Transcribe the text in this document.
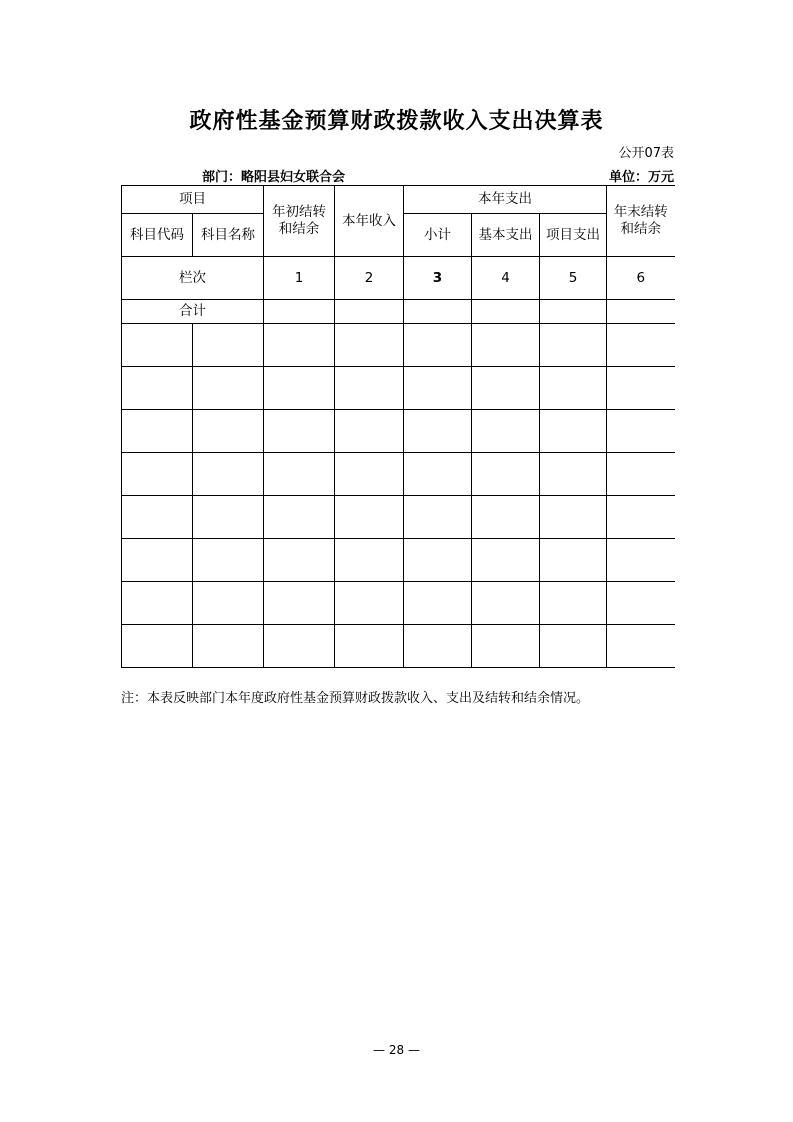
政府性基金预算财政拨款收入支出决算表
公开07表
部门：略阳县妇女联合会	单位：万元
项目		年初结转和结余	本年收入	本年支出			年末结转和结余

科目代码	科目名称			小计	基本支出	项目支出	
栏次		1	2	3	4	5	6
合计							

注：本表反映部门本年度政府性基金预算财政拨款收入、支出及结转和结余情况。
— 28 —
